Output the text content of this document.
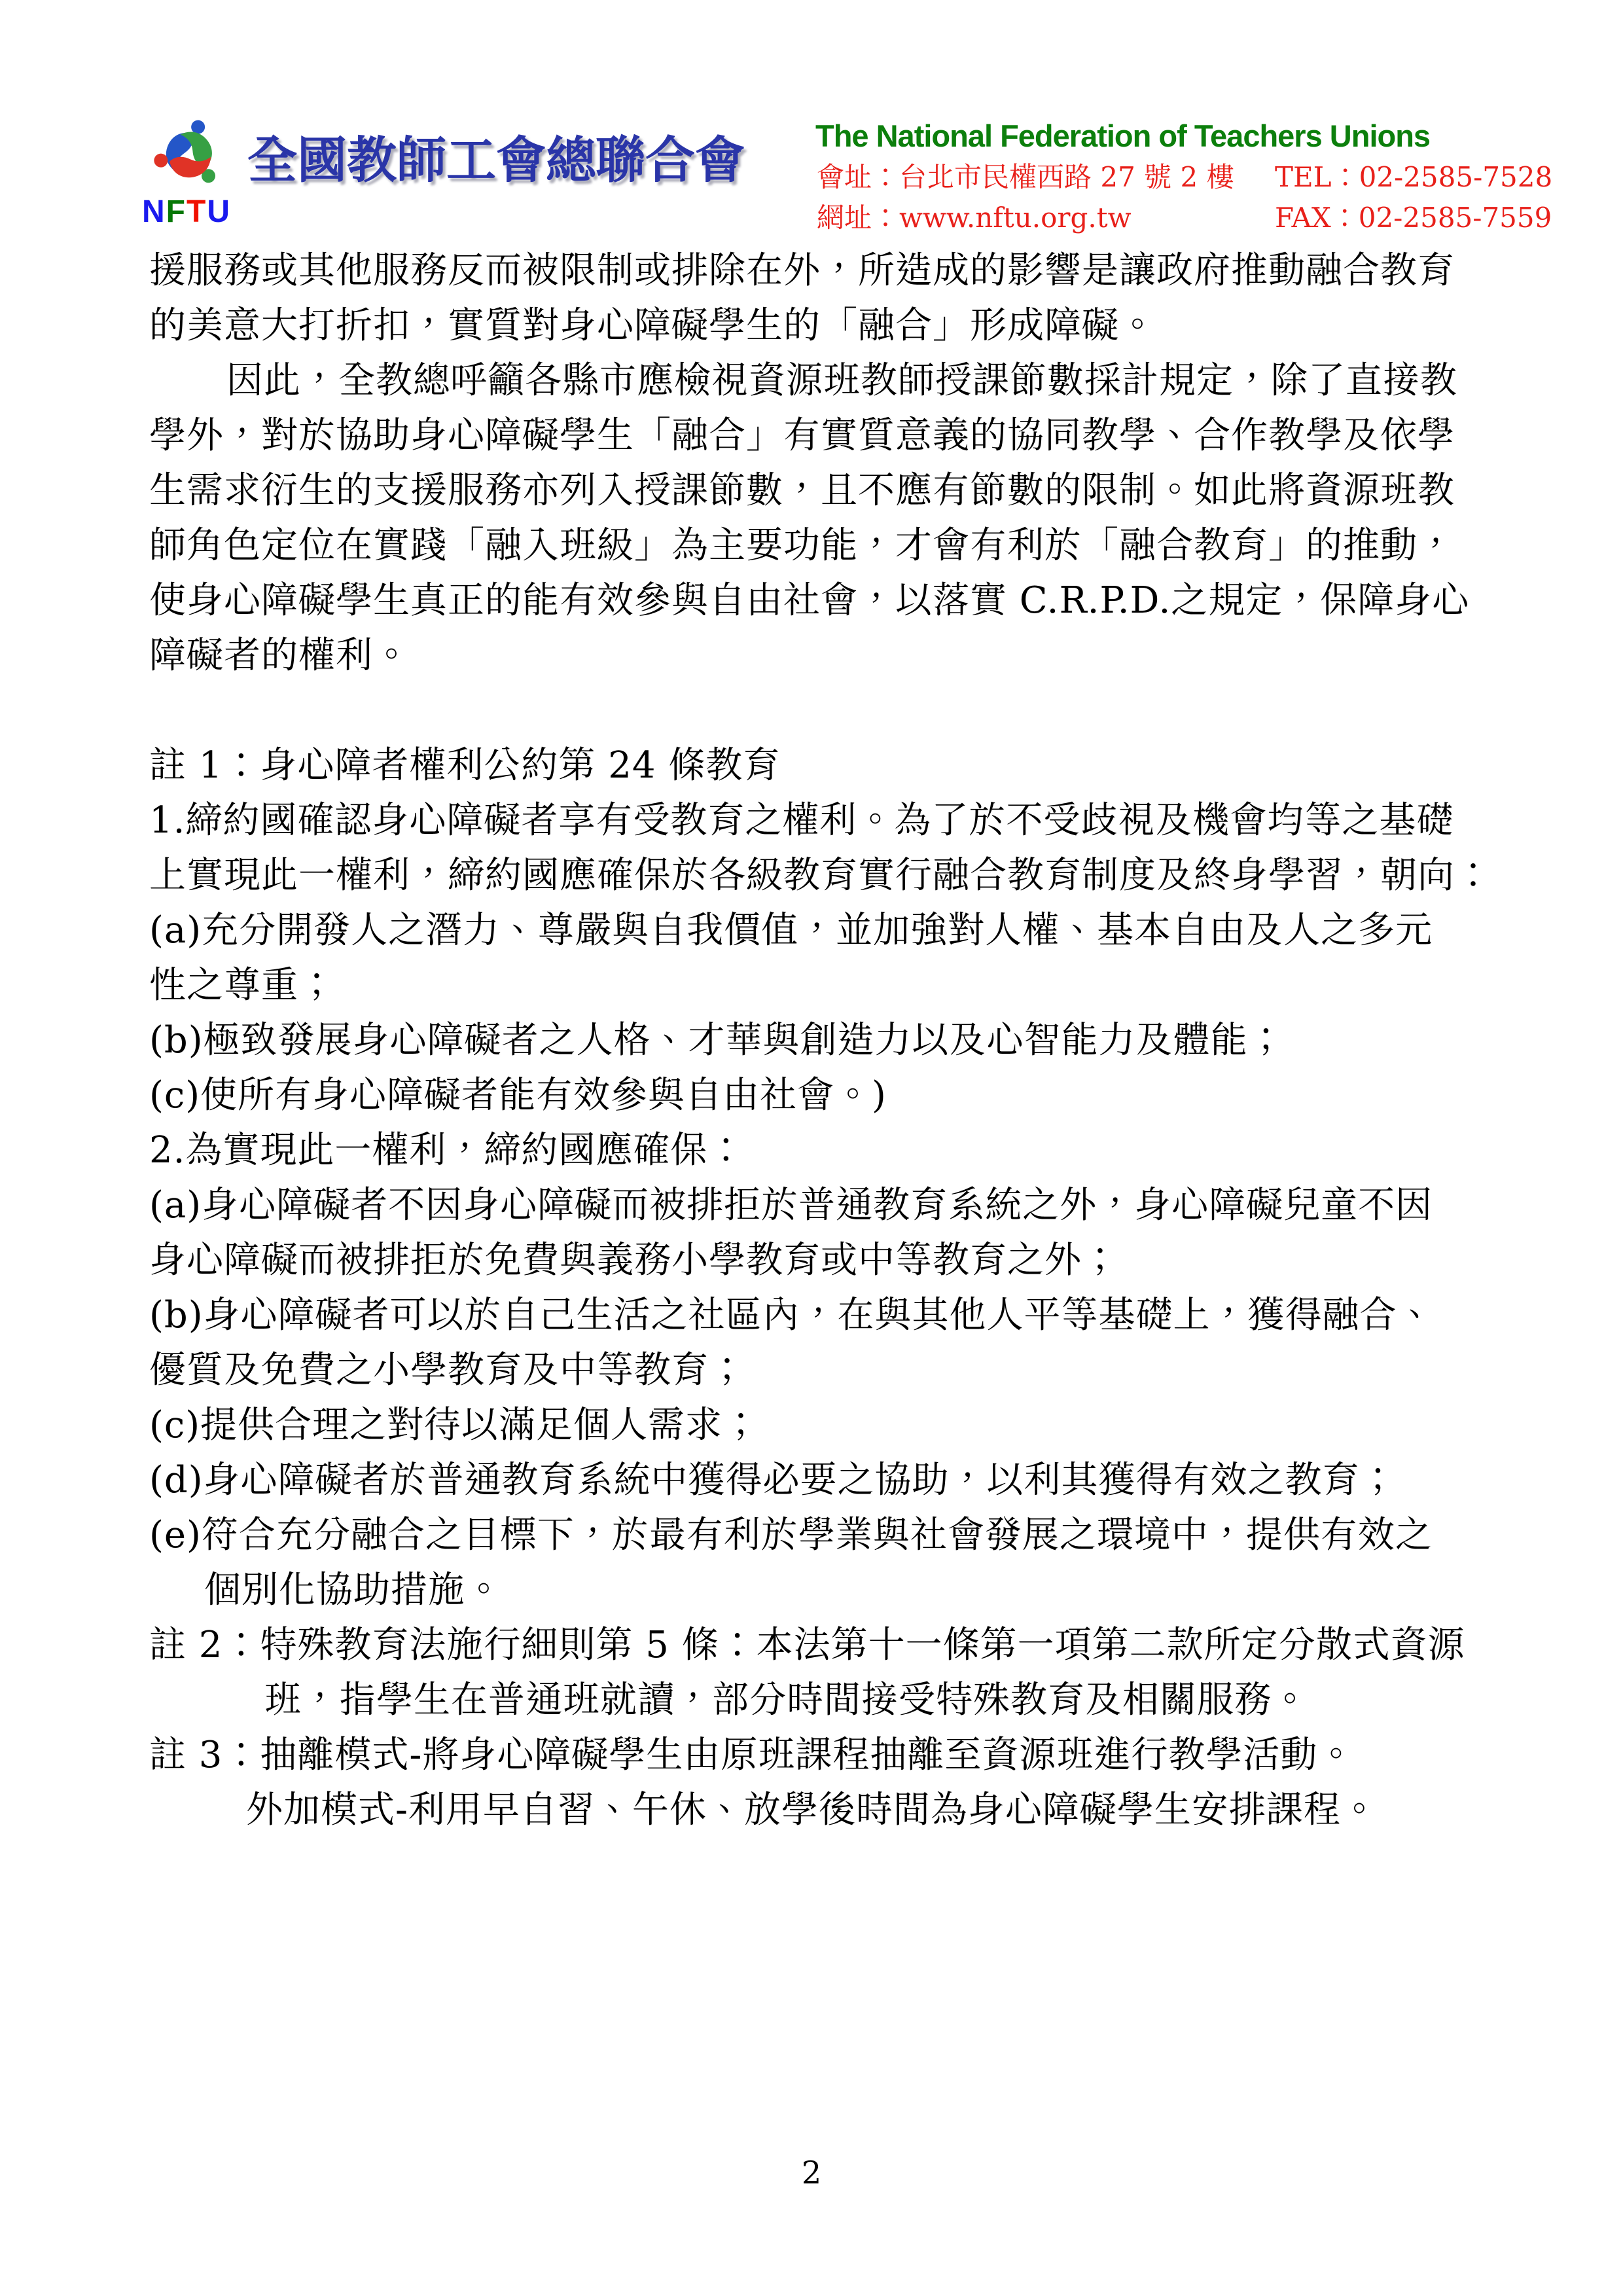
NFTU
全國教師工會總聯合會 The National Federation of Teachers Unions
會址：台北市民權西路 27 號 2 樓 TEL：02-2585-7528
網址：www.nftu.org.tw	FAX：02-2585-7559
援服務或其他服務反而被限制或排除在外，所造成的影響是讓政府推動融合教育
的美意大打折扣，實質對身心障礙學生的「融合」形成障礙。
因此，全教總呼籲各縣市應檢視資源班教師授課節數採計規定，除了直接教
學外，對於協助身心障礙學生「融合」有實質意義的協同教學、合作教學及依學
生需求衍生的支援服務亦列入授課節數，且不應有節數的限制。如此將資源班教
師角色定位在實踐「融入班級」為主要功能，才會有利於「融合教育」的推動，
使身心障礙學生真正的能有效參與自由社會，以落實 C.R.P.D.之規定，保障身心
障礙者的權利。
註 1：身心障者權利公約第 24 條教育
1.締約國確認身心障礙者享有受教育之權利。為了於不受歧視及機會均等之基礎
上實現此一權利，締約國應確保於各級教育實行融合教育制度及終身學習，朝向：
(a)充分開發人之潛力、尊嚴與自我價值，並加強對人權、基本自由及人之多元
性之尊重；
(b)極致發展身心障礙者之人格、才華與創造力以及心智能力及體能；
(c)使所有身心障礙者能有效參與自由社會。)
2.為實現此一權利，締約國應確保：
(a)身心障礙者不因身心障礙而被排拒於普通教育系統之外，身心障礙兒童不因
身心障礙而被排拒於免費與義務小學教育或中等教育之外；
(b)身心障礙者可以於自己生活之社區內，在與其他人平等基礎上，獲得融合、
優質及免費之小學教育及中等教育；
(c)提供合理之對待以滿足個人需求；
(d)身心障礙者於普通教育系統中獲得必要之協助，以利其獲得有效之教育；
(e)符合充分融合之目標下，於最有利於學業與社會發展之環境中，提供有效之
個別化協助措施。
註 2：特殊教育法施行細則第 5 條：本法第十一條第一項第二款所定分散式資源
班，指學生在普通班就讀，部分時間接受特殊教育及相關服務。
註 3：抽離模式-將身心障礙學生由原班課程抽離至資源班進行教學活動。
外加模式-利用早自習、午休、放學後時間為身心障礙學生安排課程。
2
